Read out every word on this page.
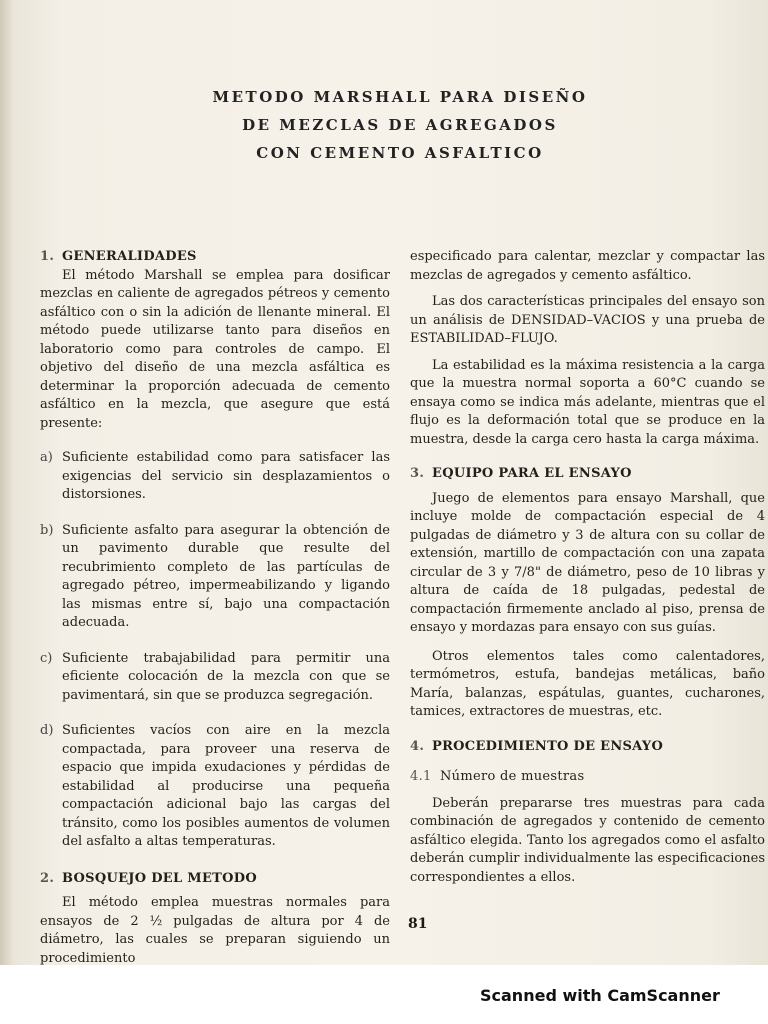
METODO MARSHALL PARA DISEÑO
DE MEZCLAS DE AGREGADOS
CON CEMENTO ASFALTICO
1. GENERALIDADES

El método Marshall se emplea para dosificar mezclas en caliente de agregados pétreos y cemento asfáltico con o sin la adición de llenante mineral. El método puede utilizarse tanto para diseños en laboratorio como para controles de campo. El objetivo del diseño de una mezcla asfáltica es determinar la proporción adecuada de cemento asfáltico en la mezcla, que asegure que está presente:

a) Suficiente estabilidad como para satisfacer las exigencias del servicio sin desplazamientos o distorsiones.

b) Suficiente asfalto para asegurar la obtención de un pavimento durable que resulte del recubrimiento completo de las partículas de agregado pétreo, impermeabilizando y ligando las mismas entre sí, bajo una compactación adecuada.

c) Suficiente trabajabilidad para permitir una eficiente colocación de la mezcla con que se pavimentará, sin que se produzca segregación.

d) Suficientes vacíos con aire en la mezcla compactada, para proveer una reserva de espacio que impida exudaciones y pérdidas de estabilidad al producirse una pequeña compactación adicional bajo las cargas del tránsito, como los posibles aumentos de volumen del asfalto a altas temperaturas.

2. BOSQUEJO DEL METODO

El método emplea muestras normales para ensayos de 2 ½ pulgadas de altura por 4 de diámetro, las cuales se preparan siguiendo un procedimiento

especificado para calentar, mezclar y compactar las mezclas de agregados y cemento asfáltico.

Las dos características principales del ensayo son un análisis de DENSIDAD–VACIOS y una prueba de ESTABILIDAD–FLUJO.

La estabilidad es la máxima resistencia a la carga que la muestra normal soporta a 60°C cuando se ensaya como se indica más adelante, mientras que el flujo es la deformación total que se produce en la muestra, desde la carga cero hasta la carga máxima.

3. EQUIPO PARA EL ENSAYO

Juego de elementos para ensayo Marshall, que incluye molde de compactación especial de 4 pulgadas de diámetro y 3 de altura con su collar de extensión, martillo de compactación con una zapata circular de 3 y 7/8" de diámetro, peso de 10 libras y altura de caída de 18 pulgadas, pedestal de compactación firmemente anclado al piso, prensa de ensayo y mordazas para ensayo con sus guías.

Otros elementos tales como calentadores, termómetros, estufa, bandejas metálicas, baño María, balanzas, espátulas, guantes, cucharones, tamices, extractores de muestras, etc.

4. PROCEDIMIENTO DE ENSAYO
4.1 Número de muestras

Deberán prepararse tres muestras para cada combinación de agregados y contenido de cemento asfáltico elegida. Tanto los agregados como el asfalto deberán cumplir individualmente las especificaciones correspondientes a ellos.

81
Scanned with CamScanner
